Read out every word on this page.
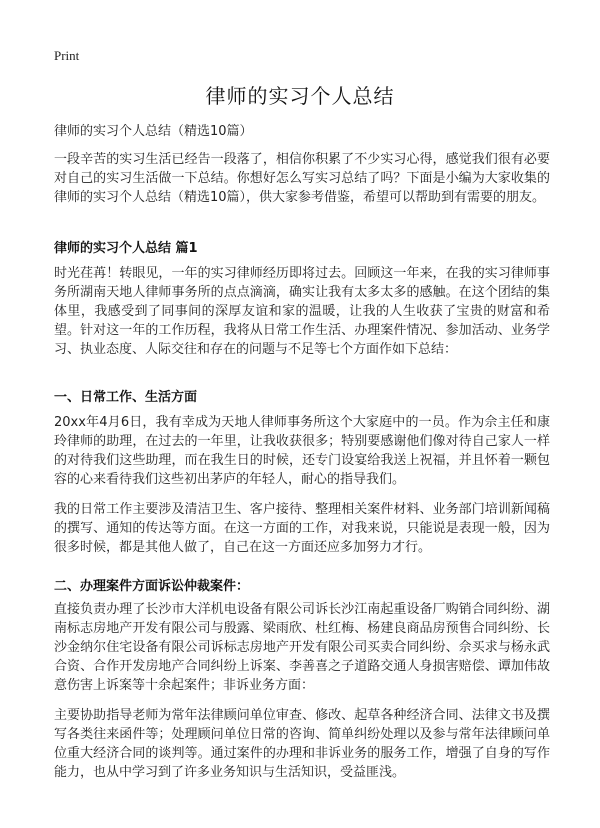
Print
律师的实习个人总结

律师的实习个人总结（精选10篇）

一段辛苦的实习生活已经告一段落了，相信你积累了不少实习心得，感觉我们很有必要对自己的实习生活做一下总结。你想好怎么写实习总结了吗？下面是小编为大家收集的律师的实习个人总结（精选10篇），供大家参考借鉴，希望可以帮助到有需要的朋友。

律师的实习个人总结 篇1

时光荏苒！转眼见，一年的实习律师经历即将过去。回顾这一年来，在我的实习律师事务所湖南天地人律师事务所的点点滴滴，确实让我有太多太多的感触。在这个团结的集体里，我感受到了同事间的深厚友谊和家的温暖，让我的人生收获了宝贵的财富和希望。针对这一年的工作历程，我将从日常工作生活、办理案件情况、参加活动、业务学习、执业态度、人际交往和存在的问题与不足等七个方面作如下总结：

一、日常工作、生活方面

20xx年4月6日，我有幸成为天地人律师事务所这个大家庭中的一员。作为佘主任和康玲律师的助理，在过去的一年里，让我收获很多；特别要感谢他们像对待自己家人一样的对待我们这些助理，而在我生日的时候，还专门设宴给我送上祝福，并且怀着一颗包容的心来看待我们这些初出茅庐的年轻人，耐心的指导我们。

我的日常工作主要涉及清洁卫生、客户接待、整理相关案件材料、业务部门培训新闻稿的撰写、通知的传达等方面。在这一方面的工作，对我来说，只能说是表现一般，因为很多时候，都是其他人做了，自己在这一方面还应多加努力才行。

二、办理案件方面诉讼仲裁案件：

直接负责办理了长沙市大洋机电设备有限公司诉长沙江南起重设备厂购销合同纠纷、湖南标志房地产开发有限公司与殷露、梁雨欣、杜红梅、杨建良商品房预售合同纠纷、长沙金纳尔住宅设备有限公司诉标志房地产开发有限公司买卖合同纠纷、佘买求与杨永武合资、合作开发房地产合同纠纷上诉案、李善喜之子道路交通人身损害赔偿、谭加伟故意伤害上诉案等十余起案件；非诉业务方面：

主要协助指导老师为常年法律顾问单位审查、修改、起草各种经济合同、法律文书及撰写各类往来函件等；处理顾问单位日常的咨询、简单纠纷处理以及参与常年法律顾问单位重大经济合同的谈判等。通过案件的办理和非诉业务的服务工作，增强了自身的写作能力，也从中学习到了许多业务知识与生活知识，受益匪浅。
